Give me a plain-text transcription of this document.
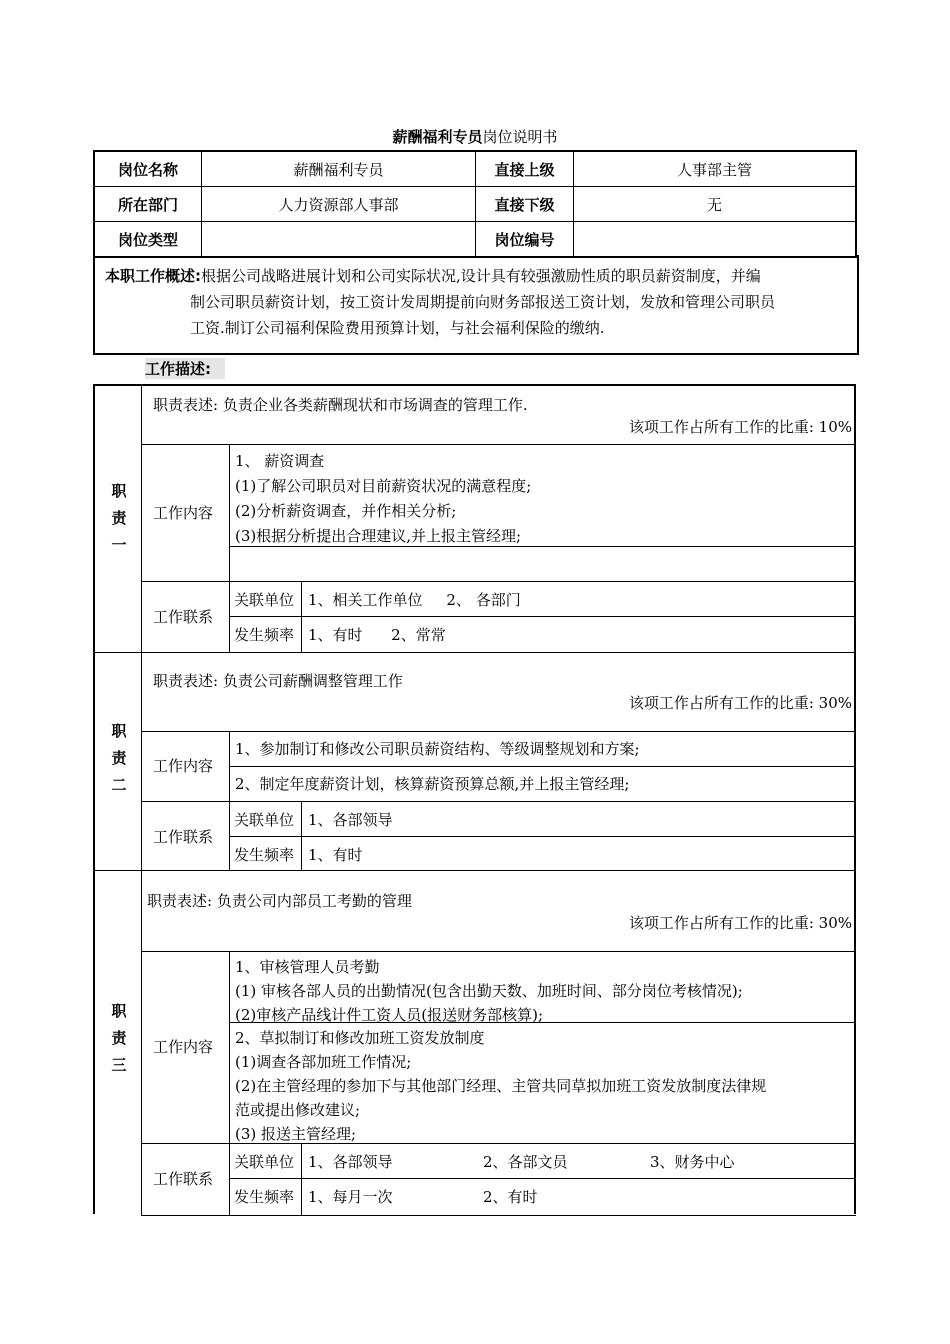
薪酬福利专员岗位说明书
岗位名称	薪酬福利专员	直接上级	人事部主管
所在部门	人力资源部人事部	直接下级	无
岗位类型		岗位编号	
本职工作概述:根据公司战略进展计划和公司实际状况,设计具有较强激励性质的职员薪资制度，并编
制公司职员薪资计划，按工资计发周期提前向财务部报送工资计划，发放和管理公司职员
工资.制订公司福利保险费用预算计划，与社会福利保险的缴纳.
工作描述:
职
责
一
职责表述: 负责企业各类薪酬现状和市场调查的管理工作.
该项工作占所有工作的比重: 10%
工作内容
1、 薪资调查
(1)了解公司职员对目前薪资状况的满意程度;
(2)分析薪资调查，并作相关分析;
(3)根据分析提出合理建议,并上报主管经理;
工作联系
关联单位 1、相关工作单位     2、 各部门
发生频率 1、有时      2、常常
职
责
二
职责表述: 负责公司薪酬调整管理工作
该项工作占所有工作的比重: 30%
工作内容
1、参加制订和修改公司职员薪资结构、等级调整规划和方案;
2、制定年度薪资计划，核算薪资预算总额,并上报主管经理;
工作联系
关联单位 1、各部领导
发生频率 1、有时
职
责
三
职责表述: 负责公司内部员工考勤的管理
该项工作占所有工作的比重: 30%
工作内容
1、审核管理人员考勤
(1) 审核各部人员的出勤情况(包含出勤天数、加班时间、部分岗位考核情况);
(2)审核产品线计件工资人员(报送财务部核算);
2、草拟制订和修改加班工资发放制度
(1)调查各部加班工作情况;
(2)在主管经理的参加下与其他部门经理、主管共同草拟加班工资发放制度法律规
范或提出修改建议;
(3) 报送主管经理;
工作联系
关联单位 1、各部领导	2、各部文员	3、财务中心
发生频率 1、每月一次	2、有时
